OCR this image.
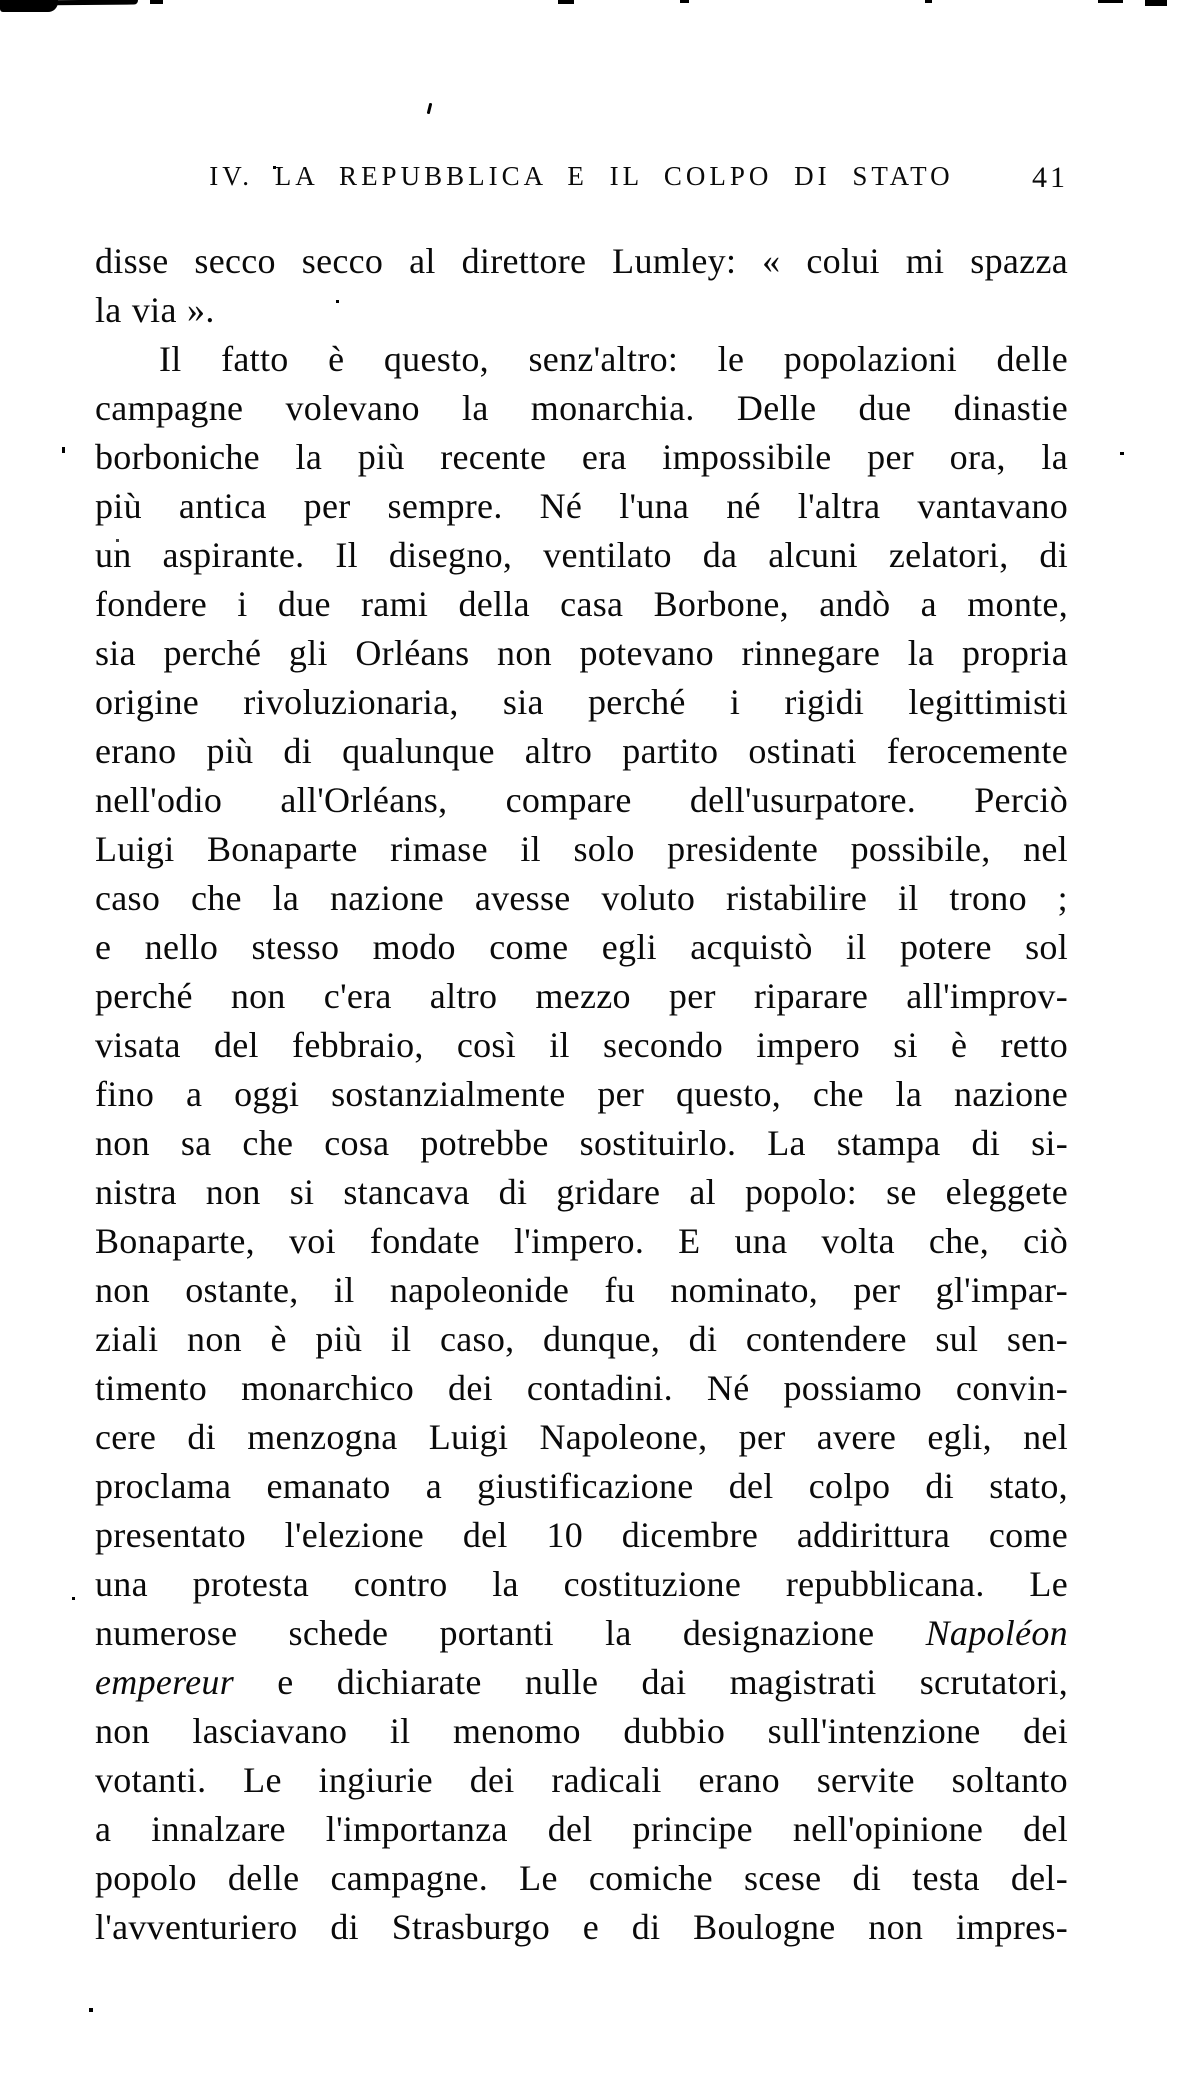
IV. LA REPUBBLICA E IL COLPO DI STATO	41
disse secco secco al direttore Lumley: « colui mi spazza
la via ».
Il fatto è questo, senz'altro: le popolazioni delle
campagne volevano la monarchia. Delle due dinastie
borboniche la più recente era impossibile per ora, la
più antica per sempre. Né l'una né l'altra vantavano
un aspirante. Il disegno, ventilato da alcuni zelatori, di
fondere i due rami della casa Borbone, andò a monte,
sia perché gli Orléans non potevano rinnegare la propria
origine rivoluzionaria, sia perché i rigidi legittimisti
erano più di qualunque altro partito ostinati ferocemente
nell'odio all'Orléans, compare dell'usurpatore. Perciò
Luigi Bonaparte rimase il solo presidente possibile, nel
caso che la nazione avesse voluto ristabilire il trono ;
e nello stesso modo come egli acquistò il potere sol
perché non c'era altro mezzo per riparare all'improv-
visata del febbraio, così il secondo impero si è retto
fino a oggi sostanzialmente per questo, che la nazione
non sa che cosa potrebbe sostituirlo. La stampa di si-
nistra non si stancava di gridare al popolo: se eleggete
Bonaparte, voi fondate l'impero. E una volta che, ciò
non ostante, il napoleonide fu nominato, per gl'impar-
ziali non è più il caso, dunque, di contendere sul sen-
timento monarchico dei contadini. Né possiamo convin-
cere di menzogna Luigi Napoleone, per avere egli, nel
proclama emanato a giustificazione del colpo di stato,
presentato l'elezione del 10 dicembre addirittura come
una protesta contro la costituzione repubblicana. Le
numerose schede portanti la designazione Napoléon
empereur e dichiarate nulle dai magistrati scrutatori,
non lasciavano il menomo dubbio sull'intenzione dei
votanti. Le ingiurie dei radicali erano servite soltanto
a innalzare l'importanza del principe nell'opinione del
popolo delle campagne. Le comiche scese di testa del-
l'avventuriero di Strasburgo e di Boulogne non impres-
